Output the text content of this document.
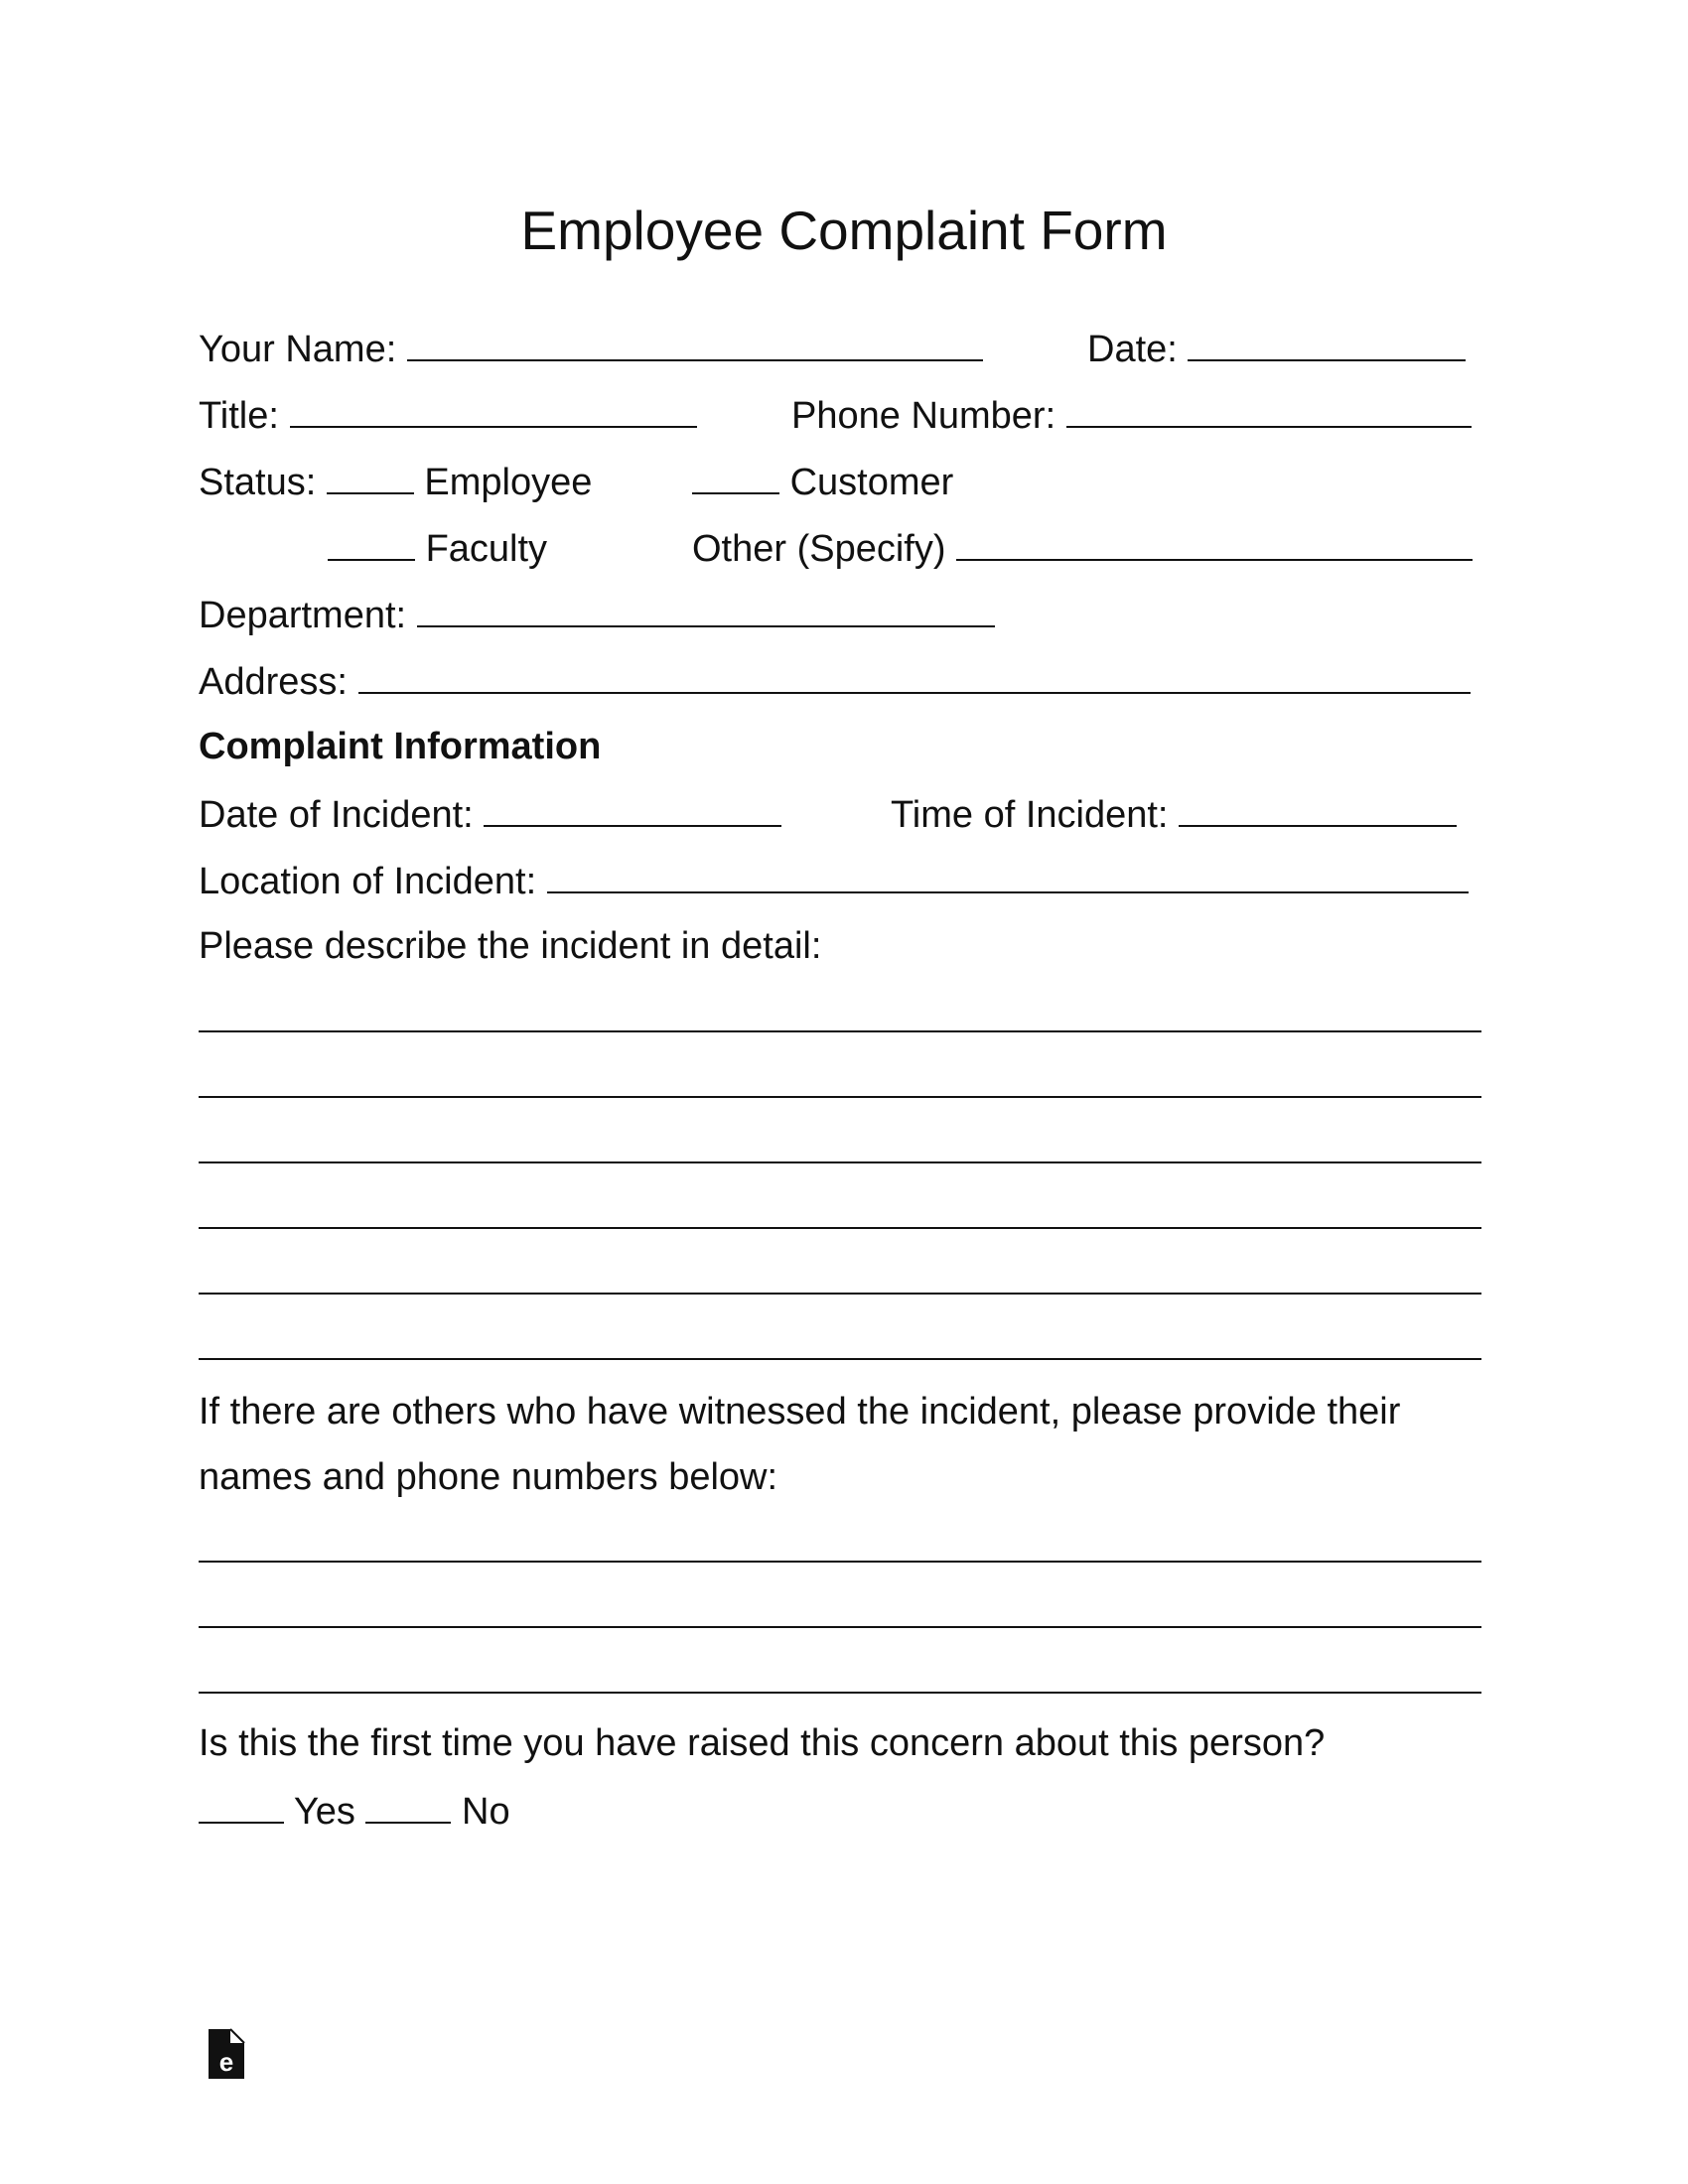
Employee Complaint Form
Your Name:	Date:
Title:	Phone Number:
Status:	Employee	Customer
Faculty	Other (Specify)
Department:
Address:
Complaint Information
Date of Incident:	Time of Incident:
Location of Incident:
Please describe the incident in detail:
If there are others who have witnessed the incident, please provide their
names and phone numbers below:
Is this the first time you have raised this concern about this person?
Yes	No
e
